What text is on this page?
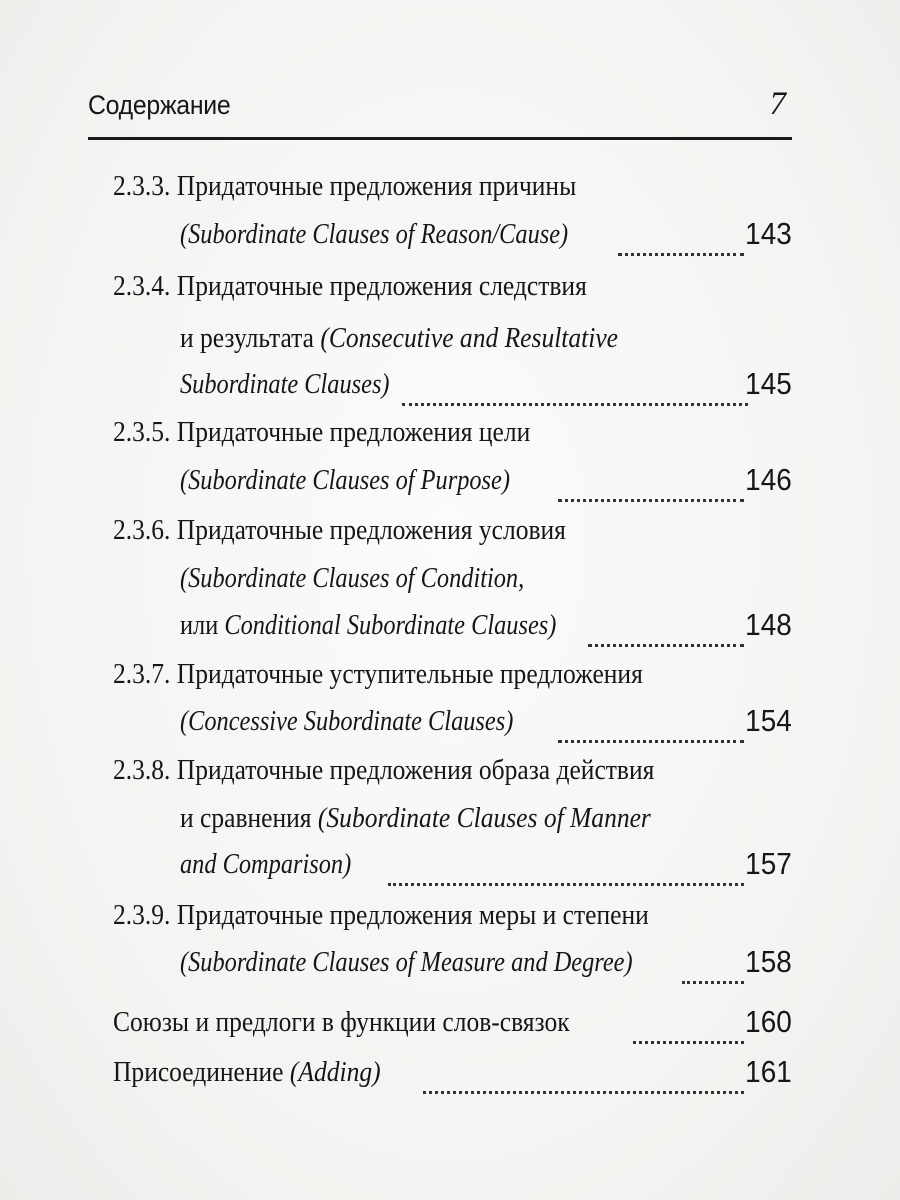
Содержание	7
2.3.3. Придаточные предложения причины
(Subordinate Clauses of Reason/Cause)	143
2.3.4. Придаточные предложения следствия
и результата (Consecutive and Resultative
Subordinate Clauses)	145
2.3.5. Придаточные предложения цели
(Subordinate Clauses of Purpose)	146
2.3.6. Придаточные предложения условия
(Subordinate Clauses of Condition,
или Conditional Subordinate Clauses)	148
2.3.7. Придаточные уступительные предложения
(Concessive Subordinate Clauses)	154
2.3.8. Придаточные предложения образа действия
и сравнения (Subordinate Clauses of Manner
and Comparison)	157
2.3.9. Придаточные предложения меры и степени
(Subordinate Clauses of Measure and Degree)	158
Союзы и предлоги в функции слов-связок	160
Присоединение (Adding)	161
